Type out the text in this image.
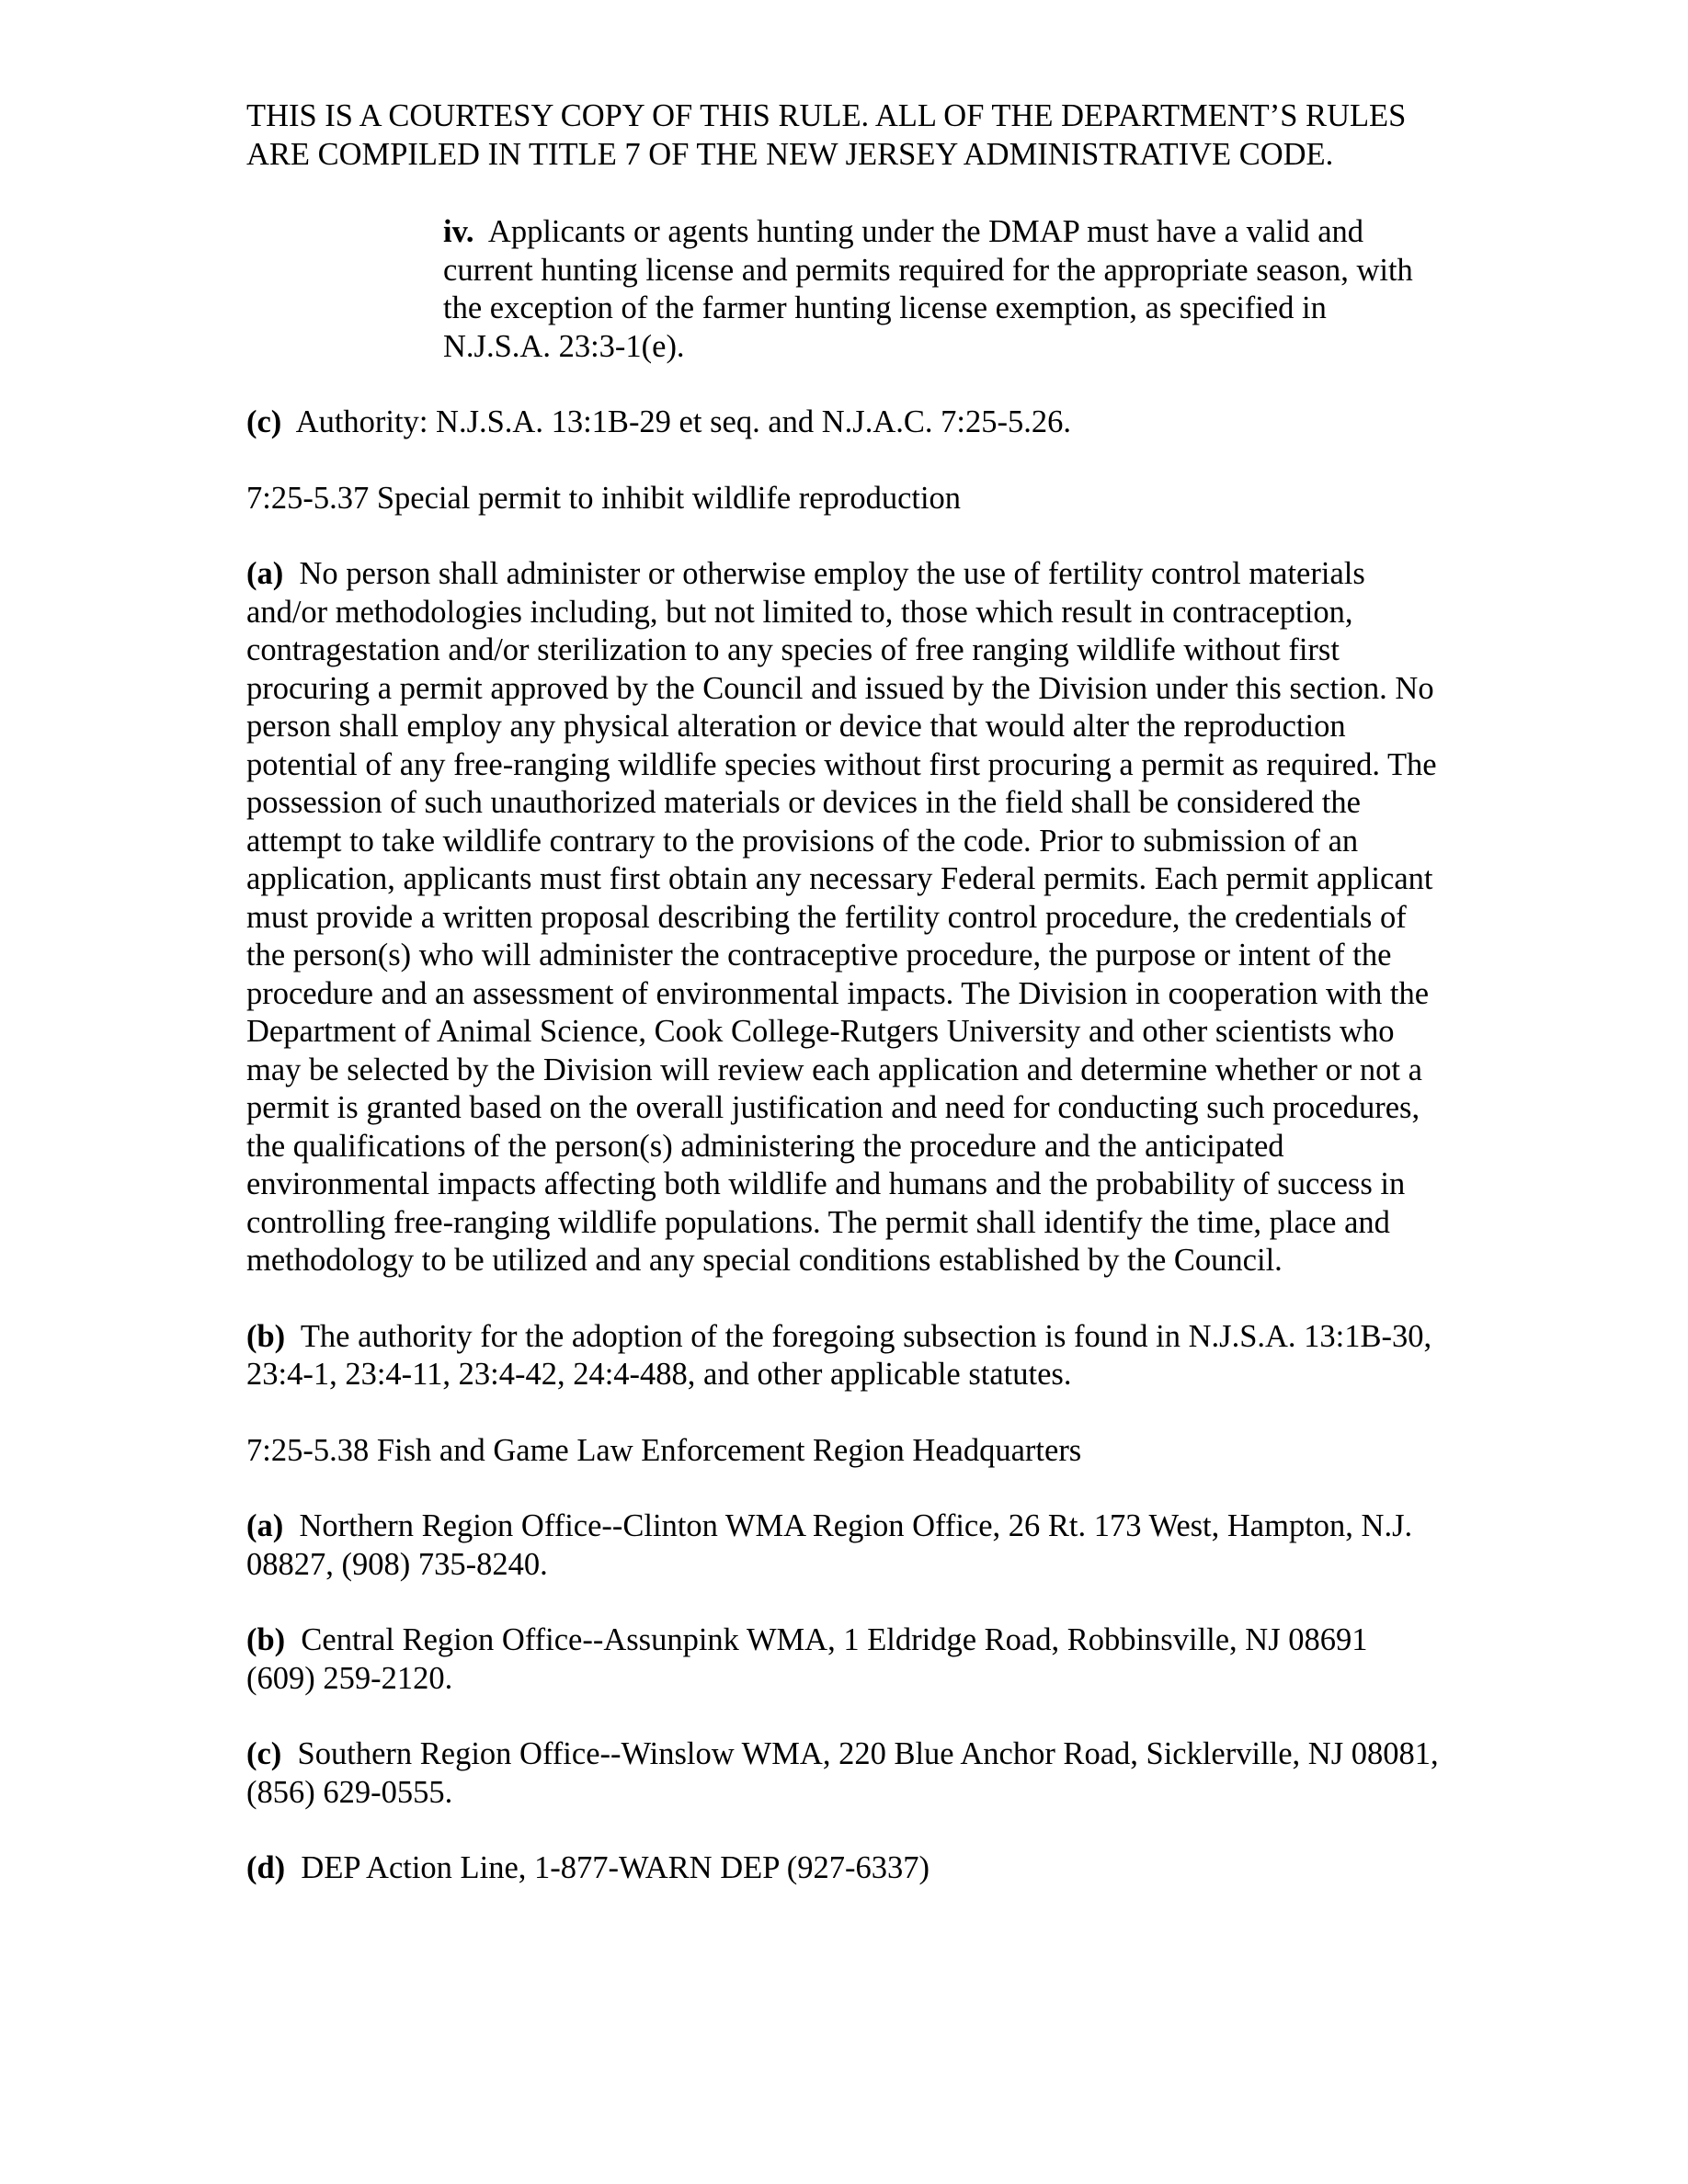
THIS IS A COURTESY COPY OF THIS RULE. ALL OF THE DEPARTMENT’S RULES ARE COMPILED IN TITLE 7 OF THE NEW JERSEY ADMINISTRATIVE CODE.

iv. Applicants or agents hunting under the DMAP must have a valid and current hunting license and permits required for the appropriate season, with the exception of the farmer hunting license exemption, as specified in N.J.S.A. 23:3-1(e).

(c) Authority: N.J.S.A. 13:1B-29 et seq. and N.J.A.C. 7:25-5.26.

7:25-5.37 Special permit to inhibit wildlife reproduction

(a) No person shall administer or otherwise employ the use of fertility control materials and/or methodologies including, but not limited to, those which result in contraception, contragestation and/or sterilization to any species of free ranging wildlife without first procuring a permit approved by the Council and issued by the Division under this section. No person shall employ any physical alteration or device that would alter the reproduction potential of any free-ranging wildlife species without first procuring a permit as required. The possession of such unauthorized materials or devices in the field shall be considered the attempt to take wildlife contrary to the provisions of the code. Prior to submission of an application, applicants must first obtain any necessary Federal permits. Each permit applicant must provide a written proposal describing the fertility control procedure, the credentials of the person(s) who will administer the contraceptive procedure, the purpose or intent of the procedure and an assessment of environmental impacts. The Division in cooperation with the Department of Animal Science, Cook College-Rutgers University and other scientists who may be selected by the Division will review each application and determine whether or not a permit is granted based on the overall justification and need for conducting such procedures, the qualifications of the person(s) administering the procedure and the anticipated environmental impacts affecting both wildlife and humans and the probability of success in controlling free-ranging wildlife populations. The permit shall identify the time, place and methodology to be utilized and any special conditions established by the Council.

(b) The authority for the adoption of the foregoing subsection is found in N.J.S.A. 13:1B-30, 23:4-1, 23:4-11, 23:4-42, 24:4-488, and other applicable statutes.

7:25-5.38 Fish and Game Law Enforcement Region Headquarters

(a) Northern Region Office--Clinton WMA Region Office, 26 Rt. 173 West, Hampton, N.J. 08827, (908) 735-8240.

(b) Central Region Office--Assunpink WMA, 1 Eldridge Road, Robbinsville, NJ 08691 (609) 259-2120.

(c) Southern Region Office--Winslow WMA, 220 Blue Anchor Road, Sicklerville, NJ 08081, (856) 629-0555.

(d) DEP Action Line, 1-877-WARN DEP (927-6337)
